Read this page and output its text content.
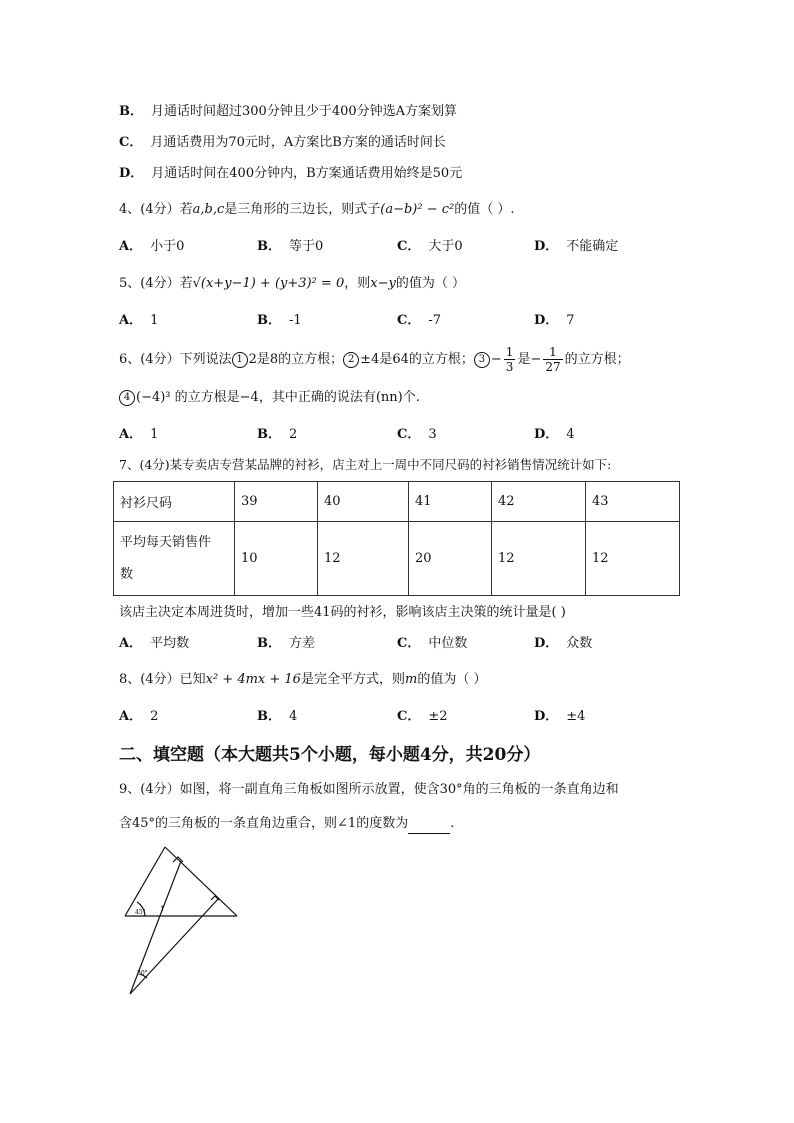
B． 月通话时间超过300分钟且少于400分钟选A方案划算
C． 月通话费用为70元时，A方案比B方案的通话时间长
D． 月通话时间在400分钟内，B方案通话费用始终是50元
4、(4分）若a,b,c是三角形的三边长，则式子(a−b)² − c²的值（ ）.
A． 小于0	B． 等于0	C． 大于0	D． 不能确定
5、(4分）若√(x+y−1) + (y+3)² = 0，则x−y的值为（ ）
A． 1	B． -1	C． -7	D． 7
6、(4分）下列说法 1 2是8的立方根； 2 ±4是64的立方根； $3 - \frac{1}{3}$ 是− $\frac{1}{27}$ 的立方根；
4 (−4)³ 的立方根是−4，其中正确的说法有(nn)个.
A． 1	B． 2	C． 3	D． 4
7、(4分)某专卖店专营某品牌的衬衫，店主对上一周中不同尺码的衬衫销售情况统计如下:
衬衫尺码	39	40	41	42	43
平均每天销售件
数	10	12	20	12	12
该店主决定本周进货时，增加一些41码的衬衫，影响该店主决策的统计量是( )
A． 平均数	B． 方差	C． 中位数	D． 众数
8、(4分）已知x² + 4mx + 16是完全平方式，则m的值为（ ）
A． 2	B． 4	C． ±2	D． ±4
二、填空题（本大题共5个小题，每小题4分，共20分）
9、(4分）如图，将一副直角三角板如图所示放置，使含30°角的三角板的一条直角边和
含45°的三角板的一条直角边重合，则∠1的度数为	.
45° 1
30°
